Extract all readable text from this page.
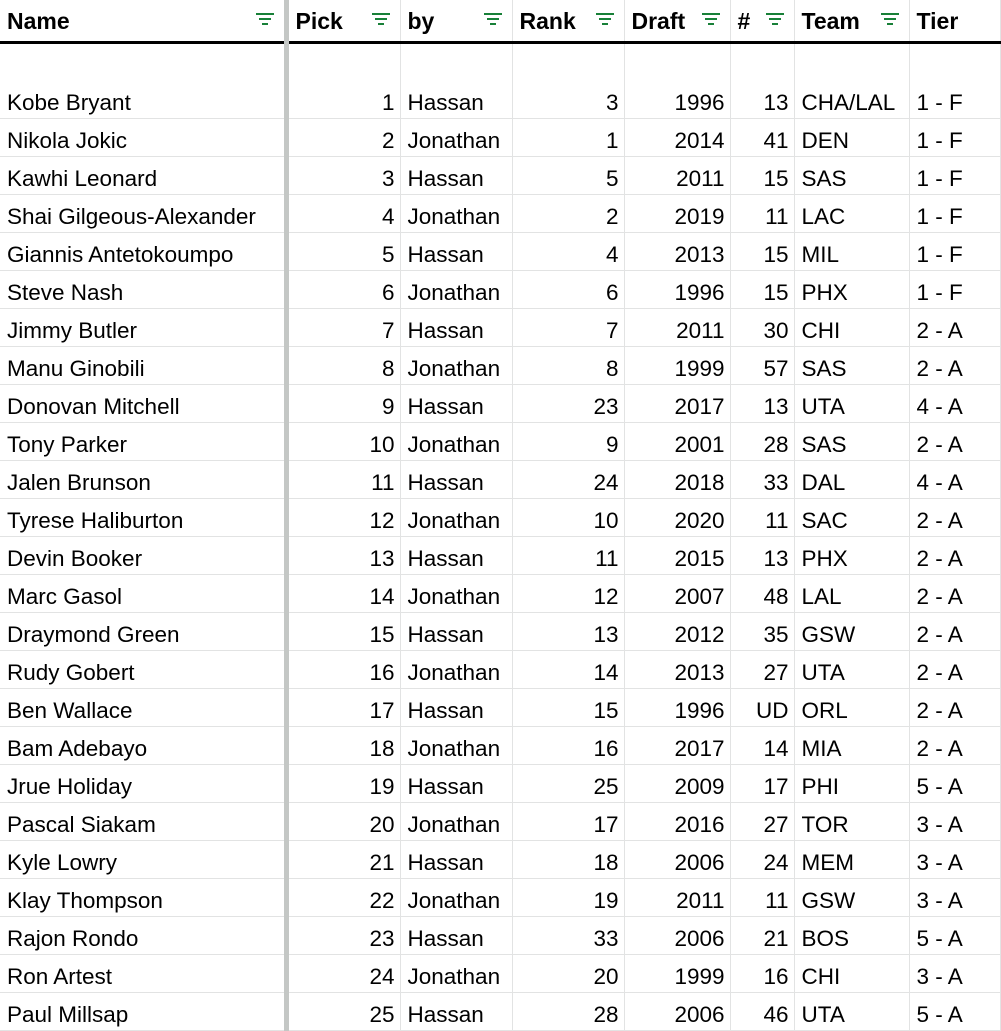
Name	Pick	by	Rank	Draft	#	Team	Tier

Kobe Bryant	1	Hassan	3	1996	13	CHA/LAL	1 - F

Nikola Jokic	2	Jonathan	1	2014	41	DEN	1 - F

Kawhi Leonard	3	Hassan	5	2011	15	SAS	1 - F

Shai Gilgeous-Alexander	4	Jonathan	2	2019	11	LAC	1 - F

Giannis Antetokoumpo	5	Hassan	4	2013	15	MIL	1 - F

Steve Nash	6	Jonathan	6	1996	15	PHX	1 - F

Jimmy Butler	7	Hassan	7	2011	30	CHI	2 - A

Manu Ginobili	8	Jonathan	8	1999	57	SAS	2 - A

Donovan Mitchell	9	Hassan	23	2017	13	UTA	4 - A

Tony Parker	10	Jonathan	9	2001	28	SAS	2 - A

Jalen Brunson	11	Hassan	24	2018	33	DAL	4 - A

Tyrese Haliburton	12	Jonathan	10	2020	11	SAC	2 - A

Devin Booker	13	Hassan	11	2015	13	PHX	2 - A

Marc Gasol	14	Jonathan	12	2007	48	LAL	2 - A

Draymond Green	15	Hassan	13	2012	35	GSW	2 - A

Rudy Gobert	16	Jonathan	14	2013	27	UTA	2 - A

Ben Wallace	17	Hassan	15	1996	UD	ORL	2 - A

Bam Adebayo	18	Jonathan	16	2017	14	MIA	2 - A

Jrue Holiday	19	Hassan	25	2009	17	PHI	5 - A

Pascal Siakam	20	Jonathan	17	2016	27	TOR	3 - A

Kyle Lowry	21	Hassan	18	2006	24	MEM	3 - A

Klay Thompson	22	Jonathan	19	2011	11	GSW	3 - A

Rajon Rondo	23	Hassan	33	2006	21	BOS	5 - A

Ron Artest	24	Jonathan	20	1999	16	CHI	3 - A

Paul Millsap	25	Hassan	28	2006	46	UTA	5 - A
